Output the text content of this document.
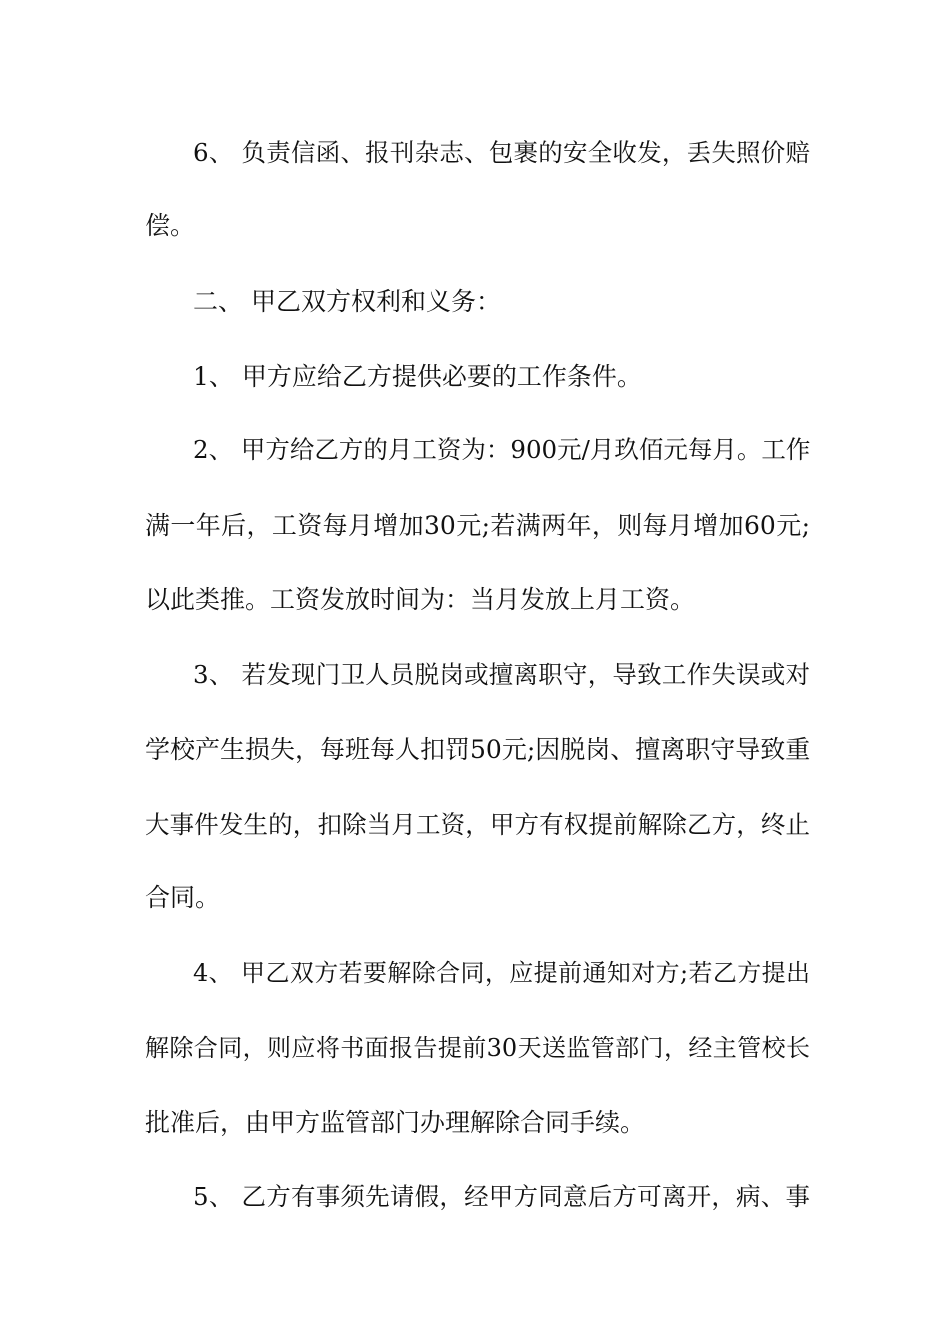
6、 负责信函、报刊杂志、包裹的安全收发，丢失照价赔
偿。
二、 甲乙双方权利和义务：
1、 甲方应给乙方提供必要的工作条件。
2、 甲方给乙方的月工资为：900元/月玖佰元每月。工作
满一年后，工资每月增加30元;若满两年，则每月增加60元;
以此类推。工资发放时间为：当月发放上月工资。
3、 若发现门卫人员脱岗或擅离职守，导致工作失误或对
学校产生损失，每班每人扣罚50元;因脱岗、擅离职守导致重
大事件发生的，扣除当月工资，甲方有权提前解除乙方，终止
合同。
4、 甲乙双方若要解除合同，应提前通知对方;若乙方提出
解除合同，则应将书面报告提前30天送监管部门，经主管校长
批准后，由甲方监管部门办理解除合同手续。
5、 乙方有事须先请假，经甲方同意后方可离开，病、事
